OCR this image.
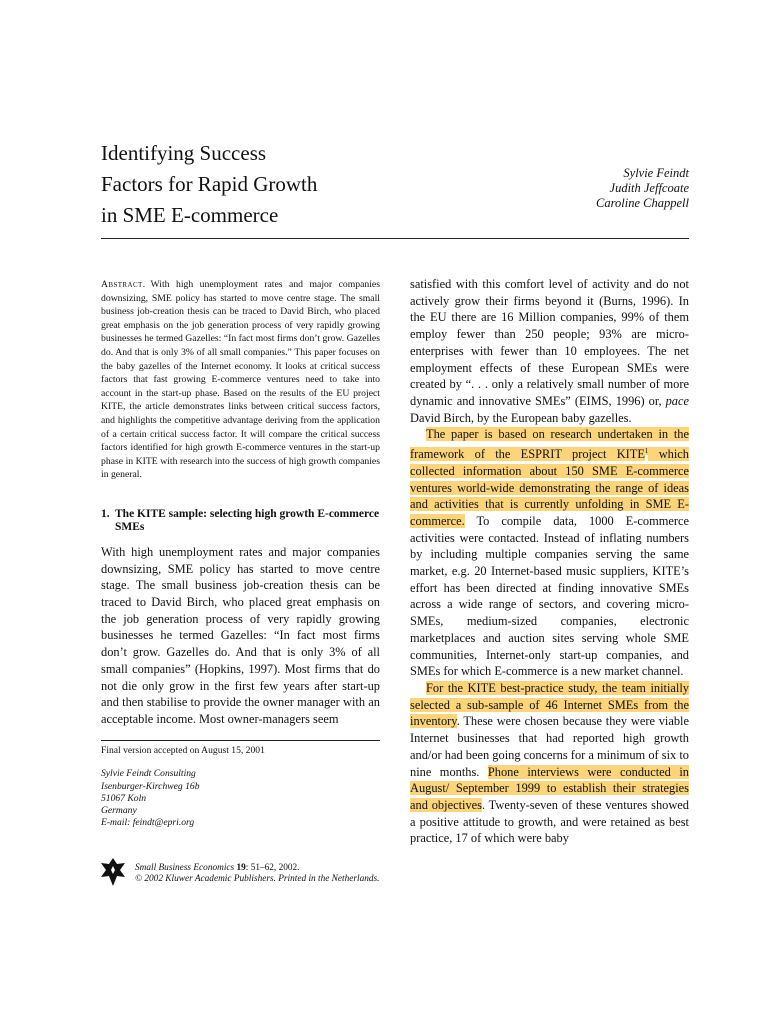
Identifying Success
Factors for Rapid Growth
in SME E-commerce
Sylvie Feindt
Judith Jeffcoate
Caroline Chappell

Abstract. With high unemployment rates and major companies downsizing, SME policy has started to move centre stage. The small business job-creation thesis can be traced to David Birch, who placed great emphasis on the job generation process of very rapidly growing businesses he termed Gazelles: “In fact most firms don’t grow. Gazelles do. And that is only 3% of all small companies.” This paper focuses on the baby gazelles of the Internet economy. It looks at critical success factors that fast growing E-commerce ventures need to take into account in the start-up phase. Based on the results of the EU project KITE, the article demonstrates links between critical success factors, and highlights the competitive advantage deriving from the application of a certain critical success factor. It will compare the critical success factors identified for high growth E-commerce ventures in the start-up phase in KITE with research into the success of high growth companies in general.

1. The KITE sample: selecting high growth E-commerce SMEs

With high unemployment rates and major companies downsizing, SME policy has started to move centre stage. The small business job-creation thesis can be traced to David Birch, who placed great emphasis on the job generation process of very rapidly growing businesses he termed Gazelles: “In fact most firms don’t grow. Gazelles do. And that is only 3% of all small companies” (Hopkins, 1997). Most firms that do not die only grow in the first few years after start-up and then stabilise to provide the owner manager with an acceptable income. Most owner-managers seem

Final version accepted on August 15, 2001
Sylvie Feindt Consulting
Isenburger-Kirchweg 16b
51067 Koln
Germany
E-mail: feindt@epri.org

satisfied with this comfort level of activity and do not actively grow their firms beyond it (Burns, 1996). In the EU there are 16 Million companies, 99% of them employ fewer than 250 people; 93% are micro-enterprises with fewer than 10 employees. The net employment effects of these European SMEs were created by “. . . only a relatively small number of more dynamic and innovative SMEs” (EIMS, 1996) or, pace David Birch, by the European baby gazelles.

The paper is based on research undertaken in the framework of the ESPRIT project KITE$^1$ which collected information about 150 SME E-commerce ventures world-wide demonstrating the range of ideas and activities that is currently unfolding in SME E-commerce. To compile data, 1000 E-commerce activities were contacted. Instead of inflating numbers by including multiple companies serving the same market, e.g. 20 Internet-based music suppliers, KITE’s effort has been directed at finding innovative SMEs across a wide range of sectors, and covering micro-SMEs, medium-sized companies, electronic marketplaces and auction sites serving whole SME communities, Internet-only start-up companies, and SMEs for which E-commerce is a new market channel.

For the KITE best-practice study, the team initially selected a sub-sample of 46 Internet SMEs from the inventory. These were chosen because they were viable Internet businesses that had reported high growth and/or had been going concerns for a minimum of six to nine months. Phone interviews were conducted in August/ September 1999 to establish their strategies and objectives. Twenty-seven of these ventures showed a positive attitude to growth, and were retained as best practice, 17 of which were baby

Small Business Economics 19: 51–62, 2002.
© 2002 Kluwer Academic Publishers. Printed in the Netherlands.
